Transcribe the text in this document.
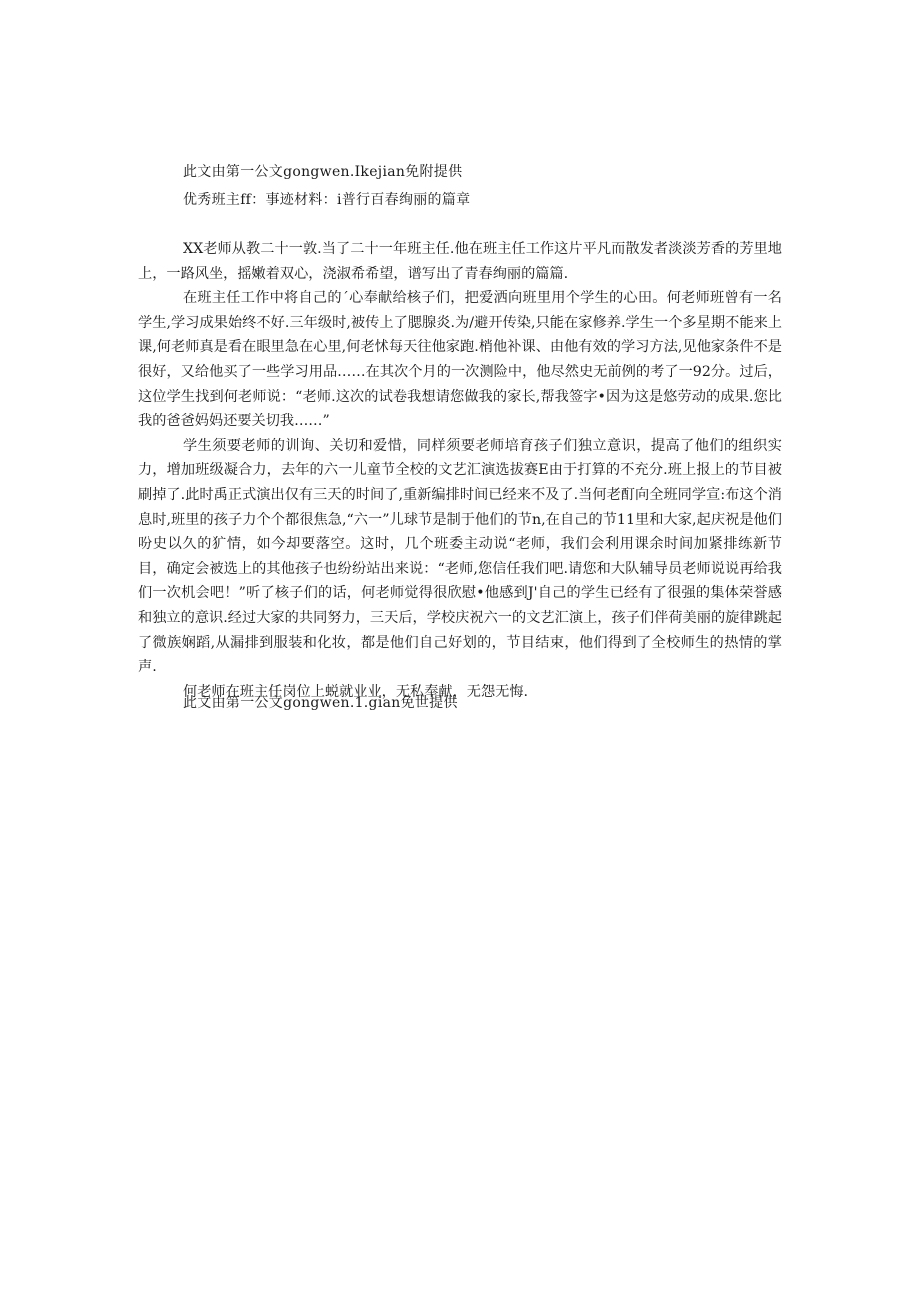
此文由第一公文gongwen.Ikejian免附提供
优秀班主ff：事迹材料：i普行百春绚丽的篇章

XX老师从教二十一敦.当了二十一年班主任.他在班主任工作这片平凡而散发者淡淡芳香的芳里地上，一路风坐，摇嫩着双心，浇淑希希望，谱写出了青春绚丽的篇篇.

在班主任工作中将自己的´心奉献给核子们，把爱洒向班里用个学生的心田。何老师班曾有一名学生,学习成果始终不好.三年级时,被传上了腮腺炎.为/避开传染,只能在家修养.学生一个多星期不能来上课,何老师真是看在眼里急在心里,何老怵每天往他家跑.梢他补课、由他有效的学习方法,见他家条件不是很好，又给他买了一些学习用品……在其次个月的一次测险中，他尽然史无前例的考了一92分。过后，这位学生找到何老师说：“老师.这次的试卷我想请您做我的家长,帮我签字•因为这是悠劳动的成果.您比我的爸爸妈妈还要关切我……”

学生须要老师的训询、关切和爱惜，同样须要老师培育孩子们独立意识，提高了他们的组织实力，增加班级凝合力，去年的六一儿童节全校的文艺汇演选拔赛E由于打算的不充分.班上报上的节目被刷掉了.此时禹正式演出仅有三天的时间了,重新编排时间已经来不及了.当何老酊向全班同学宣:布这个消息时,班里的孩子力个个都很焦急,“六一”儿球节是制于他们的节n,在自己的节11里和大家,起庆祝是他们吩史以久的犷情，如今却要落空。这时，几个班委主动说“老师，我们会利用课余时间加紧排练新节目，确定会被选上的其他孩子也纷纷站出来说：“老师,您信任我们吧.请您和大队辅导员老师说说再给我们一次机会吧！”听了核子们的话，何老师觉得很欣慰•他感到J'自己的学生已经有了很强的集体荣誉感和独立的意识.经过大家的共同努力，三天后，学校庆祝六一的文艺汇演上，孩子们伴荷美丽的旋律跳起了微族娴蹈,从漏排到服装和化妆，都是他们自己好划的，节目结束，他们得到了全校师生的热情的掌声.

何老师在班主任岗位上蜕就业业，无私奉献，无怨无悔.

此文由第一公文gongwen.1.gian免世提供
